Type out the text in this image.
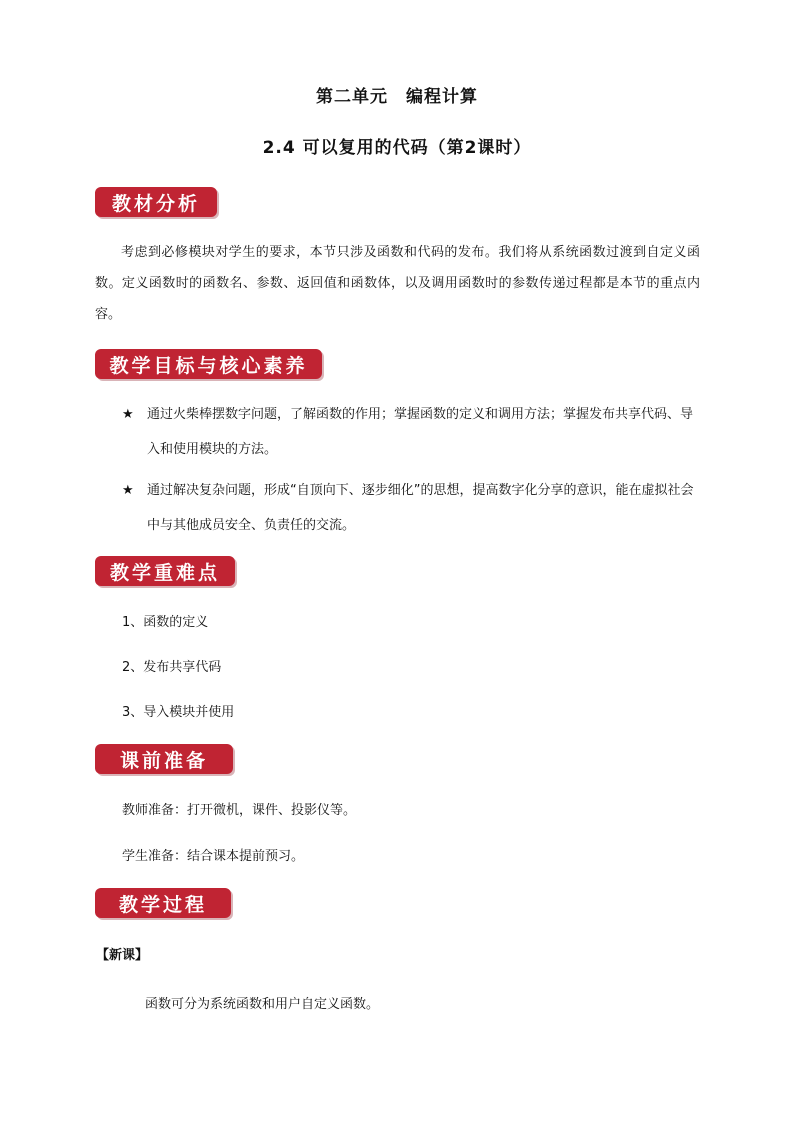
第二单元　编程计算
2.4 可以复用的代码（第2课时）
教材分析
考虑到必修模块对学生的要求，本节只涉及函数和代码的发布。我们将从系统函数过渡到自定义函数。定义函数时的函数名、参数、返回值和函数体，以及调用函数时的参数传递过程都是本节的重点内容。
教学目标与核心素养
★ 通过火柴棒摆数字问题，了解函数的作用；掌握函数的定义和调用方法；掌握发布共享代码、导入和使用模块的方法。
★ 通过解决复杂问题，形成“自顶向下、逐步细化”的思想，提高数字化分享的意识，能在虚拟社会中与其他成员安全、负责任的交流。
教学重难点
1、函数的定义
2、发布共享代码
3、导入模块并使用
课前准备
教师准备：打开微机，课件、投影仪等。
学生准备：结合课本提前预习。
教学过程
【新课】
函数可分为系统函数和用户自定义函数。
